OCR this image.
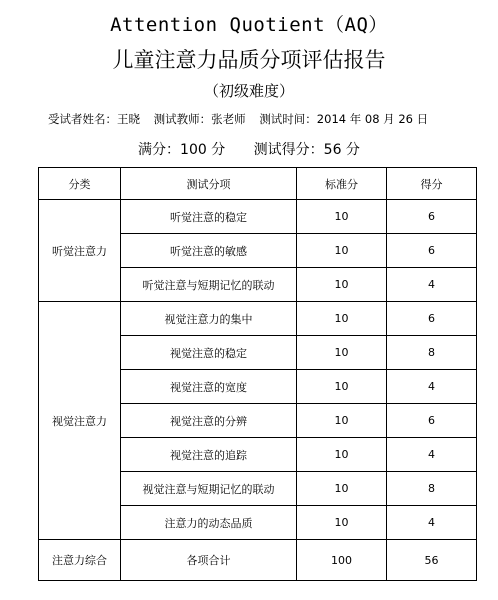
Attention Quotient（AQ）
儿童注意力品质分项评估报告
（初级难度）
受试者姓名：王晓 测试教师：张老师 测试时间：2014 年 08 月 26 日
满分：100 分 测试得分：56 分
分类	测试分项	标准分	得分
听觉注意力	听觉注意的稳定	10	6
	听觉注意的敏感	10	6
	听觉注意与短期记忆的联动	10	4
视觉注意力	视觉注意力的集中	10	6
	视觉注意的稳定	10	8
	视觉注意的宽度	10	4
	视觉注意的分辨	10	6
	视觉注意的追踪	10	4
	视觉注意与短期记忆的联动	10	8
	注意力的动态品质	10	4
注意力综合	各项合计	100	56
